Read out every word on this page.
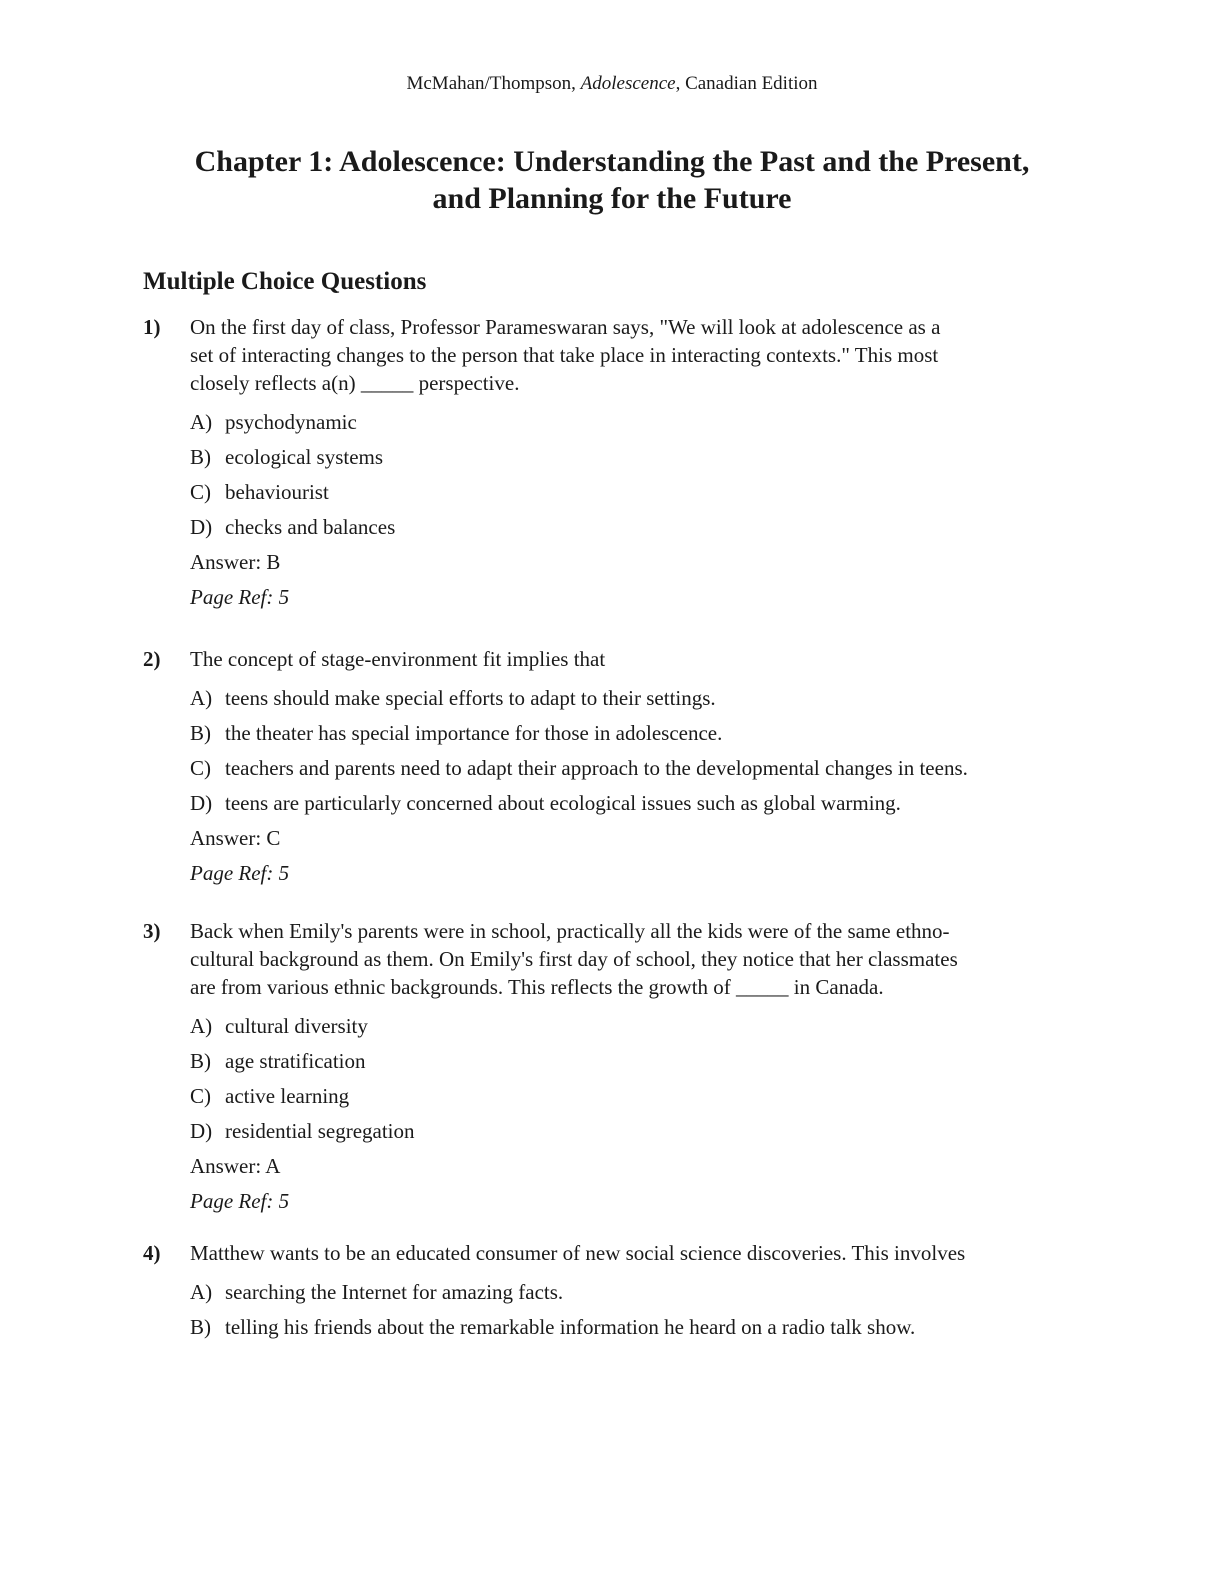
McMahan/Thompson, Adolescence, Canadian Edition
Chapter 1: Adolescence: Understanding the Past and the Present,
and Planning for the Future
Multiple Choice Questions
1) On the first day of class, Professor Parameswaran says, "We will look at adolescence as a
set of interacting changes to the person that take place in interacting contexts." This most
closely reflects a(n) _____ perspective.
A) psychodynamic
B) ecological systems
C) behaviourist
D) checks and balances
Answer: B
Page Ref: 5
2) The concept of stage-environment fit implies that
A) teens should make special efforts to adapt to their settings.
B) the theater has special importance for those in adolescence.
C) teachers and parents need to adapt their approach to the developmental changes in teens.
D) teens are particularly concerned about ecological issues such as global warming.
Answer: C
Page Ref: 5
3) Back when Emily's parents were in school, practically all the kids were of the same ethno-
cultural background as them. On Emily's first day of school, they notice that her classmates
are from various ethnic backgrounds. This reflects the growth of _____ in Canada.
A) cultural diversity
B) age stratification
C) active learning
D) residential segregation
Answer: A
Page Ref: 5
4) Matthew wants to be an educated consumer of new social science discoveries. This involves
A) searching the Internet for amazing facts.
B) telling his friends about the remarkable information he heard on a radio talk show.
